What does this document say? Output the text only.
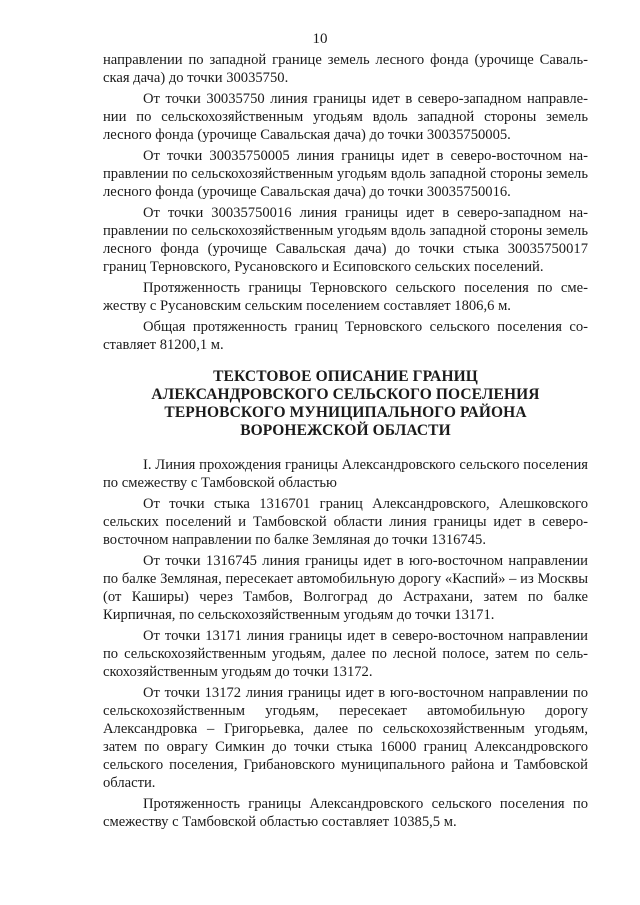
10

направлении по западной границе земель лесного фонда (урочище Савальская дача) до точки 30035750.

От точки 30035750 линия границы идет в северо-западном направлении по сельскохозяйственным угодьям вдоль западной стороны земель лесного фонда (урочище Савальская дача) до точки 30035750005.

От точки 30035750005 линия границы идет в северо-восточном направлении по сельскохозяйственным угодьям вдоль западной стороны земель лесного фонда (урочище Савальская дача) до точки 30035750016.

От точки 30035750016 линия границы идет в северо-западном направлении по сельскохозяйственным угодьям вдоль западной стороны земель лесного фонда (урочище Савальская дача) до точки стыка 30035750017 границ Терновского, Русановского и Есиповского сельских поселений.

Протяженность границы Терновского сельского поселения по смежеству с Русановским сельским поселением составляет 1806,6 м.

Общая протяженность границ Терновского сельского поселения составляет 81200,1 м.

ТЕКСТОВОЕ ОПИСАНИЕ ГРАНИЦ
АЛЕКСАНДРОВСКОГО СЕЛЬСКОГО ПОСЕЛЕНИЯ
ТЕРНОВСКОГО МУНИЦИПАЛЬНОГО РАЙОНА
ВОРОНЕЖСКОЙ ОБЛАСТИ

I. Линия прохождения границы Александровского сельского поселения по смежеству с Тамбовской областью

От точки стыка 1316701 границ Александровского, Алешковского сельских поселений и Тамбовской области линия границы идет в северо-восточном направлении по балке Земляная до точки 1316745.

От точки 1316745 линия границы идет в юго-восточном направлении по балке Земляная, пересекает автомобильную дорогу «Каспий» – из Москвы (от Каширы) через Тамбов, Волгоград до Астрахани, затем по балке Кирпичная, по сельскохозяйственным угодьям до точки 13171.

От точки 13171 линия границы идет в северо-восточном направлении по сельскохозяйственным угодьям, далее по лесной полосе, затем по сельскохозяйственным угодьям до точки 13172.

От точки 13172 линия границы идет в юго-восточном направлении по сельскохозяйственным угодьям, пересекает автомобильную дорогу Александровка – Григорьевка, далее по сельскохозяйственным угодьям, затем по оврагу Симкин до точки стыка 16000 границ Александровского сельского поселения, Грибановского муниципального района и Тамбовской области.

Протяженность границы Александровского сельского поселения по смежеству с Тамбовской областью составляет 10385,5 м.
